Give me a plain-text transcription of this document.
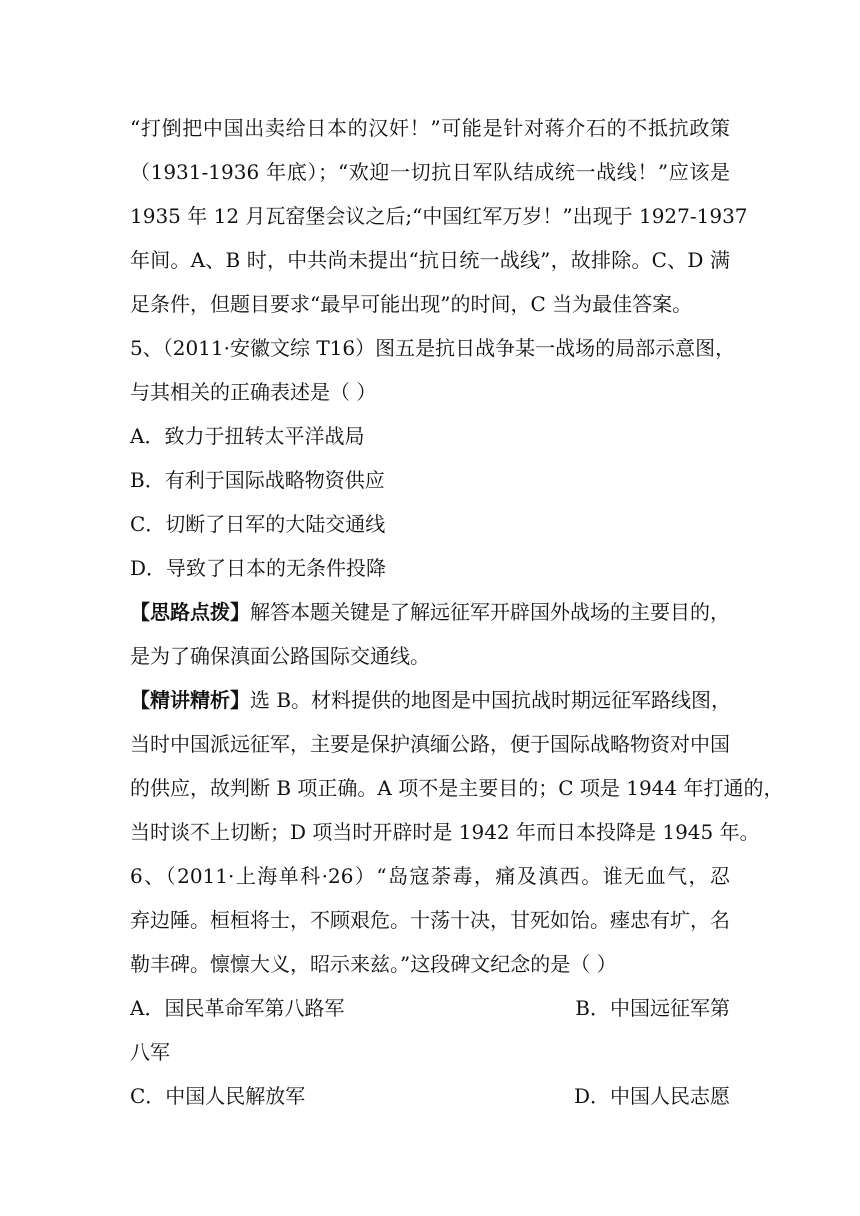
“打倒把中国出卖给日本的汉奸！”可能是针对蒋介石的不抵抗政策
（1931-1936 年底）；“欢迎一切抗日军队结成统一战线！”应该是
1935 年 12 月瓦窑堡会议之后;“中国红军万岁！”出现于 1927-1937
年间。A、B 时，中共尚未提出“抗日统一战线”，故排除。C、D 满
足条件，但题目要求“最早可能出现”的时间，C 当为最佳答案。
5、（2011·安徽文综 T16）图五是抗日战争某一战场的局部示意图，
与其相关的正确表述是（ ）
A．致力于扭转太平洋战局
B．有利于国际战略物资供应
C．切断了日军的大陆交通线
D．导致了日本的无条件投降
【思路点拨】解答本题关键是了解远征军开辟国外战场的主要目的，
是为了确保滇面公路国际交通线。
【精讲精析】选 B。材料提供的地图是中国抗战时期远征军路线图，
当时中国派远征军，主要是保护滇缅公路，便于国际战略物资对中国
的供应，故判断 B 项正确。A 项不是主要目的；C 项是 1944 年打通的，
当时谈不上切断；D 项当时开辟时是 1942 年而日本投降是 1945 年。
6、（2011·上海单科·26）“岛寇荼毒，痛及滇西。谁无血气，忍
弃边陲。桓桓将士，不顾艰危。十荡十决，甘死如饴。瘗忠有圹，名
勒丰碑。懔懔大义，昭示来兹。”这段碑文纪念的是（ ）
A．国民革命军第八路军	B．中国远征军第
八军
C．中国人民解放军	D．中国人民志愿
